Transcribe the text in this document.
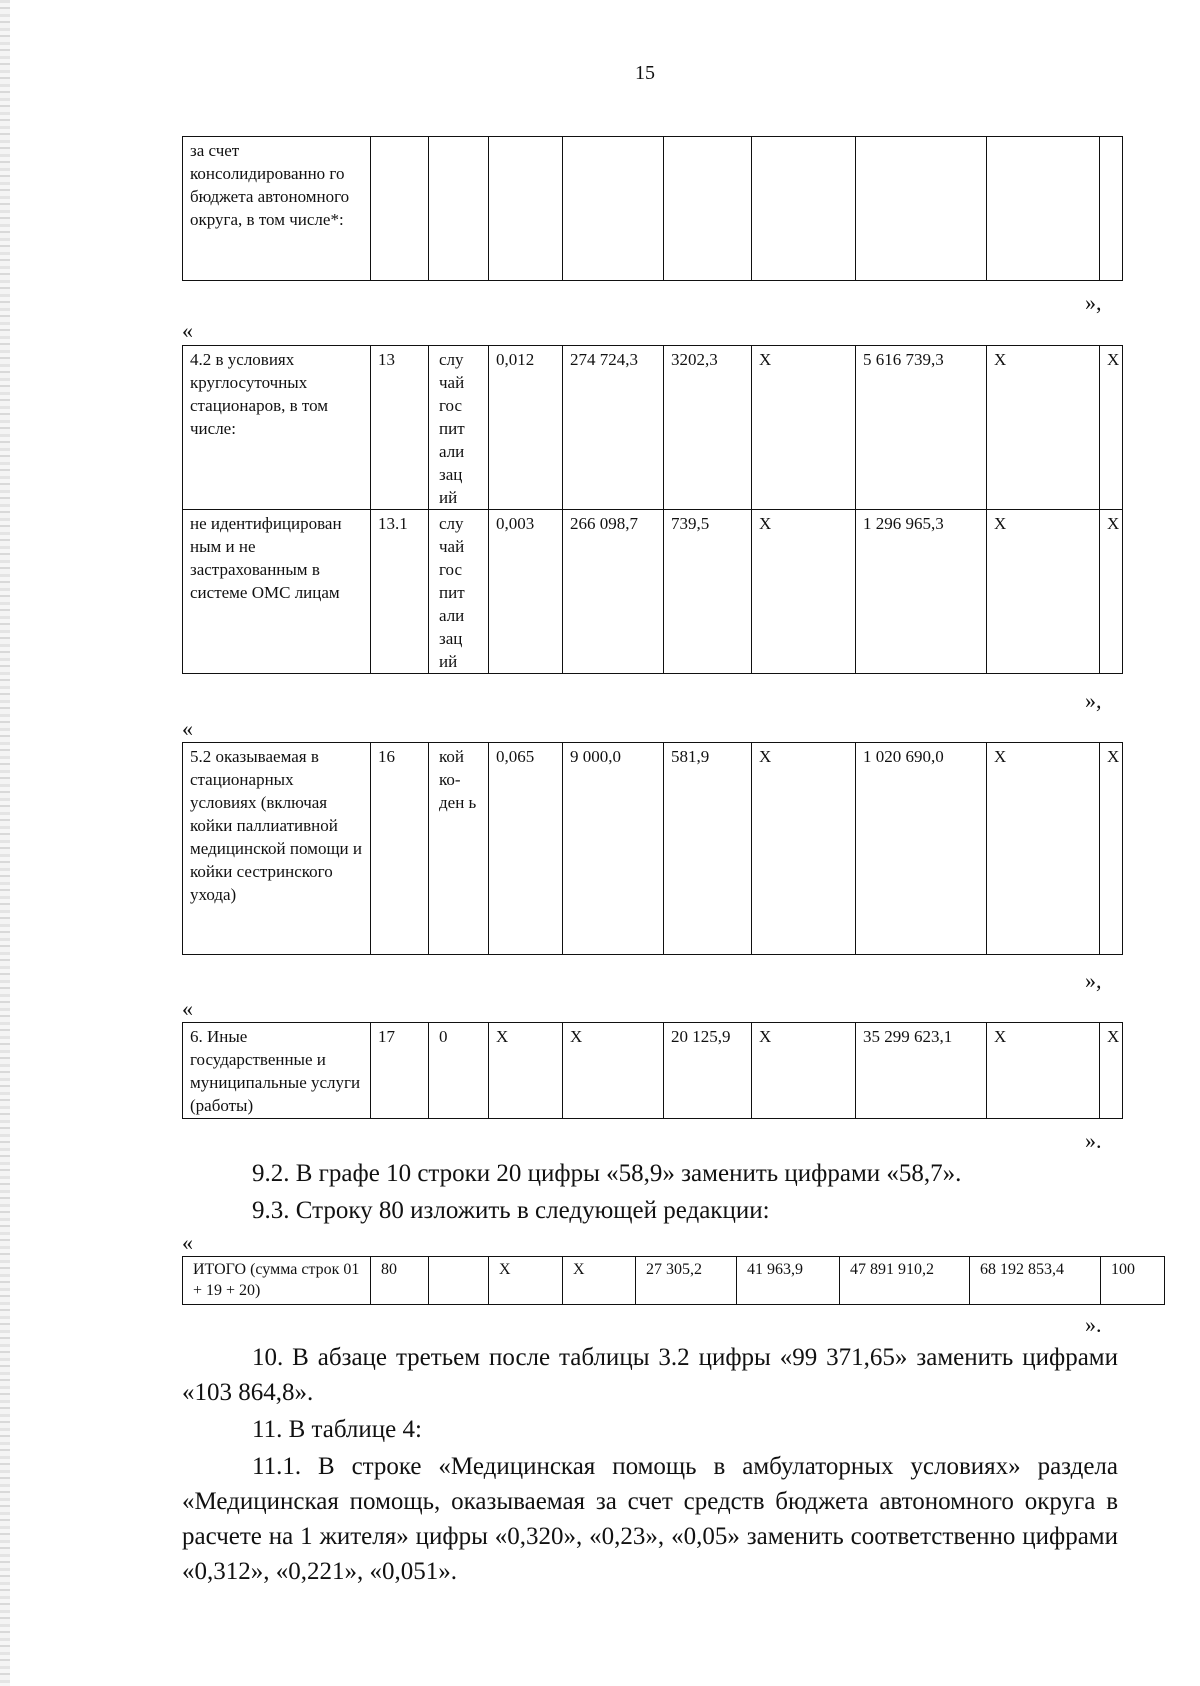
15
за счет консолидированно го бюджета автономного округа, в том числе*:									
»,
«
4.2 в условиях круглосуточных стационаров, в том числе:	13	слу чай гос пит али зац ий	0,012	274 724,3	3202,3	X	5 616 739,3	X	X
не идентифицирован ным и не застрахованным в системе ОМС лицам	13.1	слу чай гос пит али зац ий	0,003	266 098,7	739,5	X	1 296 965,3	X	X
»,
«
5.2 оказываемая в стационарных условиях (включая койки паллиативной медицинской помощи и койки сестринского ухода)	16	кой ко- ден ь	0,065	9 000,0	581,9	X	1 020 690,0	X	X
»,
«
6. Иные государственные и муниципальные услуги (работы)	17	0	X	X	20 125,9	X	35 299 623,1	X	X
».

9.2. В графе 10 строки 20 цифры «58,9» заменить цифрами «58,7».

9.3. Строку 80 изложить в следующей редакции:

«
ИТОГО (сумма строк 01 + 19 + 20)	80		X	X	27 305,2	41 963,9	47 891 910,2	68 192 853,4	100
».

10. В абзаце третьем после таблицы 3.2 цифры «99 371,65» заменить цифрами «103 864,8».

11. В таблице 4:

11.1. В строке «Медицинская помощь в амбулаторных условиях» раздела «Медицинская помощь, оказываемая за счет средств бюджета автономного округа в расчете на 1 жителя» цифры «0,320», «0,23», «0,05» заменить соответственно цифрами «0,312», «0,221», «0,051».
